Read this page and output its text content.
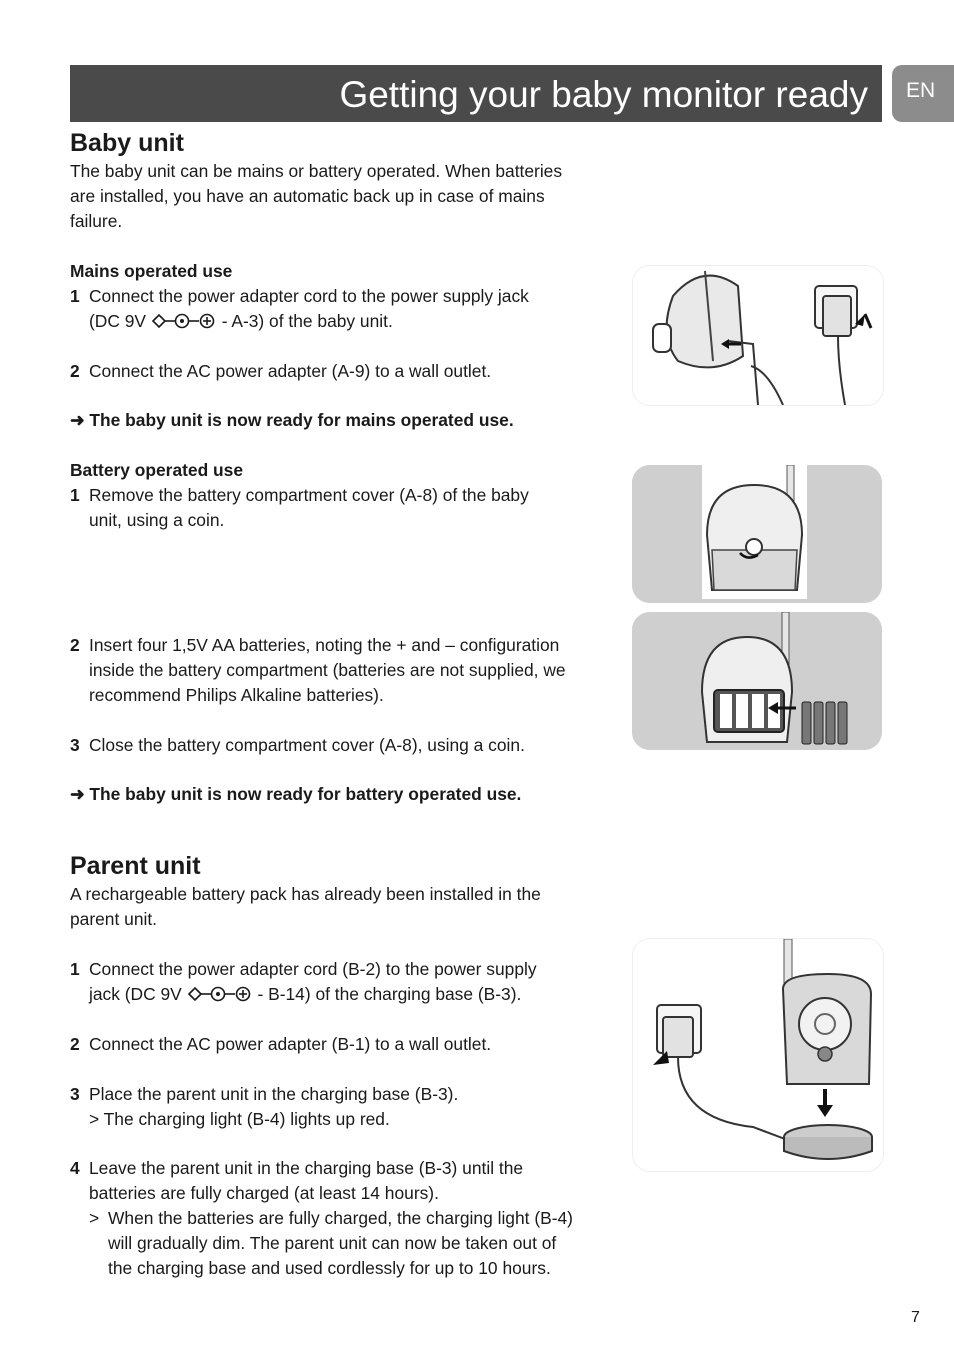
Getting your baby monitor ready EN
Baby unit
The baby unit can be mains or battery operated. When batteries
are installed, you have an automatic back up in case of mains
failure.
Mains operated use
1 Connect the power adapter cord to the power supply jack
(DC 9V	- A-3) of the baby unit.
2 Connect the AC power adapter (A-9) to a wall outlet.
➜ The baby unit is now ready for mains operated use.
Battery operated use
1 Remove the battery compartment cover (A-8) of the baby
unit, using a coin.
2 Insert four 1,5V AA batteries, noting the + and – configuration
inside the battery compartment (batteries are not supplied, we
recommend Philips Alkaline batteries).
3 Close the battery compartment cover (A-8), using a coin.
➜ The baby unit is now ready for battery operated use.
Parent unit
A rechargeable battery pack has already been installed in the
parent unit.
1 Connect the power adapter cord (B-2) to the power supply
jack (DC 9V	- B-14) of the charging base (B-3).
2 Connect the AC power adapter (B-1) to a wall outlet.
3 Place the parent unit in the charging base (B-3).
> The charging light (B-4) lights up red.
4 Leave the parent unit in the charging base (B-3) until the
batteries are fully charged (at least 14 hours).
> When the batteries are fully charged, the charging light (B-4)
will gradually dim. The parent unit can now be taken out of
the charging base and used cordlessly for up to 10 hours.
7
